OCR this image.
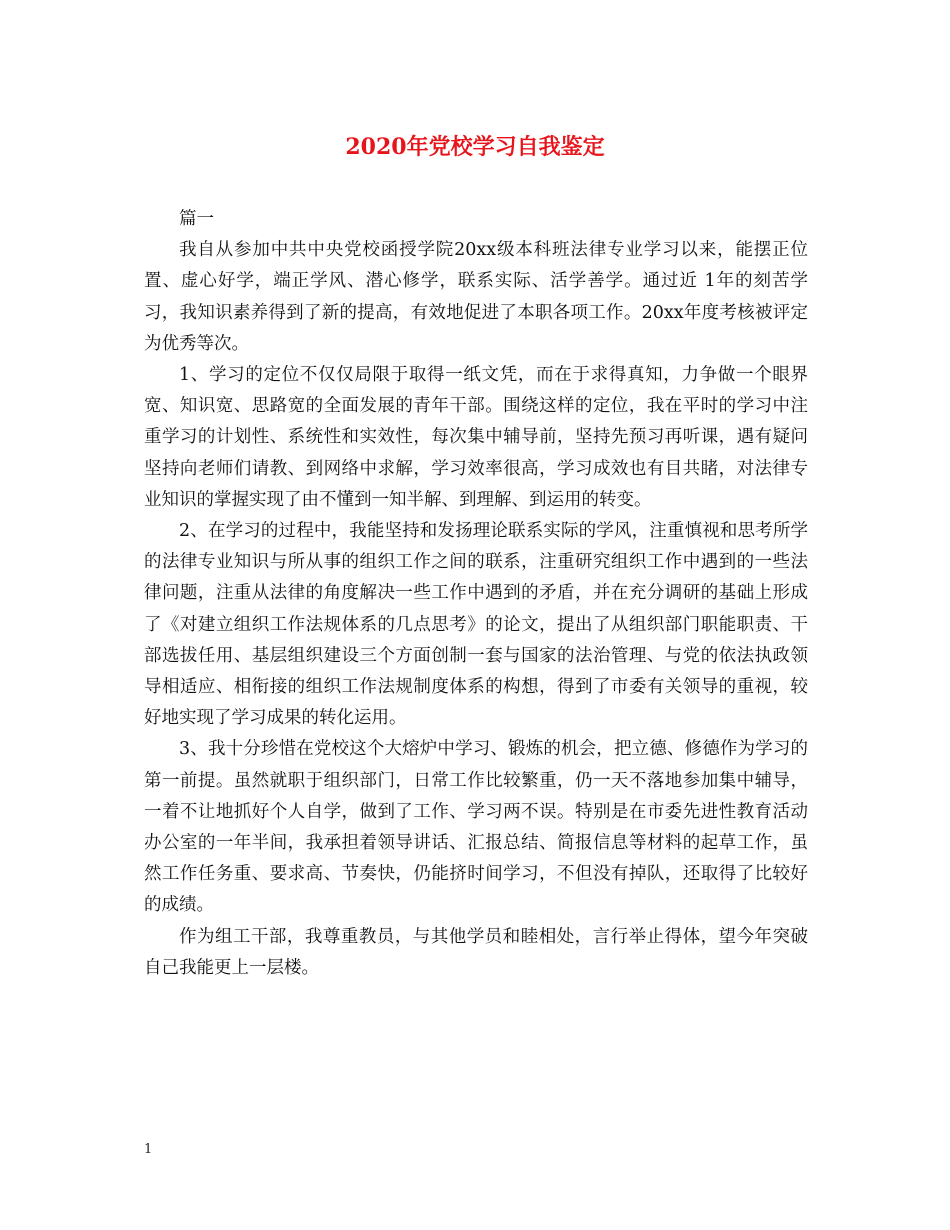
2020年党校学习自我鉴定

篇一

我自从参加中共中央党校函授学院20xx级本科班法律专业学习以来，能摆正位置、虚心好学，端正学风、潜心修学，联系实际、活学善学。通过近 1年的刻苦学习，我知识素养得到了新的提高，有效地促进了本职各项工作。20xx年度考核被评定为优秀等次。

1、学习的定位不仅仅局限于取得一纸文凭，而在于求得真知，力争做一个眼界宽、知识宽、思路宽的全面发展的青年干部。围绕这样的定位，我在平时的学习中注重学习的计划性、系统性和实效性，每次集中辅导前，坚持先预习再听课，遇有疑问坚持向老师们请教、到网络中求解，学习效率很高，学习成效也有目共睹，对法律专业知识的掌握实现了由不懂到一知半解、到理解、到运用的转变。

2、在学习的过程中，我能坚持和发扬理论联系实际的学风，注重慎视和思考所学的法律专业知识与所从事的组织工作之间的联系，注重研究组织工作中遇到的一些法律问题，注重从法律的角度解决一些工作中遇到的矛盾，并在充分调研的基础上形成了《对建立组织工作法规体系的几点思考》的论文，提出了从组织部门职能职责、干部选拔任用、基层组织建设三个方面创制一套与国家的法治管理、与党的依法执政领导相适应、相衔接的组织工作法规制度体系的构想，得到了市委有关领导的重视，较好地实现了学习成果的转化运用。

3、我十分珍惜在党校这个大熔炉中学习、锻炼的机会，把立德、修德作为学习的第一前提。虽然就职于组织部门，日常工作比较繁重，仍一天不落地参加集中辅导，一着不让地抓好个人自学，做到了工作、学习两不误。特别是在市委先进性教育活动办公室的一年半间，我承担着领导讲话、汇报总结、简报信息等材料的起草工作，虽然工作任务重、要求高、节奏快，仍能挤时间学习，不但没有掉队，还取得了比较好的成绩。

作为组工干部，我尊重教员，与其他学员和睦相处，言行举止得体，望今年突破自己我能更上一层楼。

1
